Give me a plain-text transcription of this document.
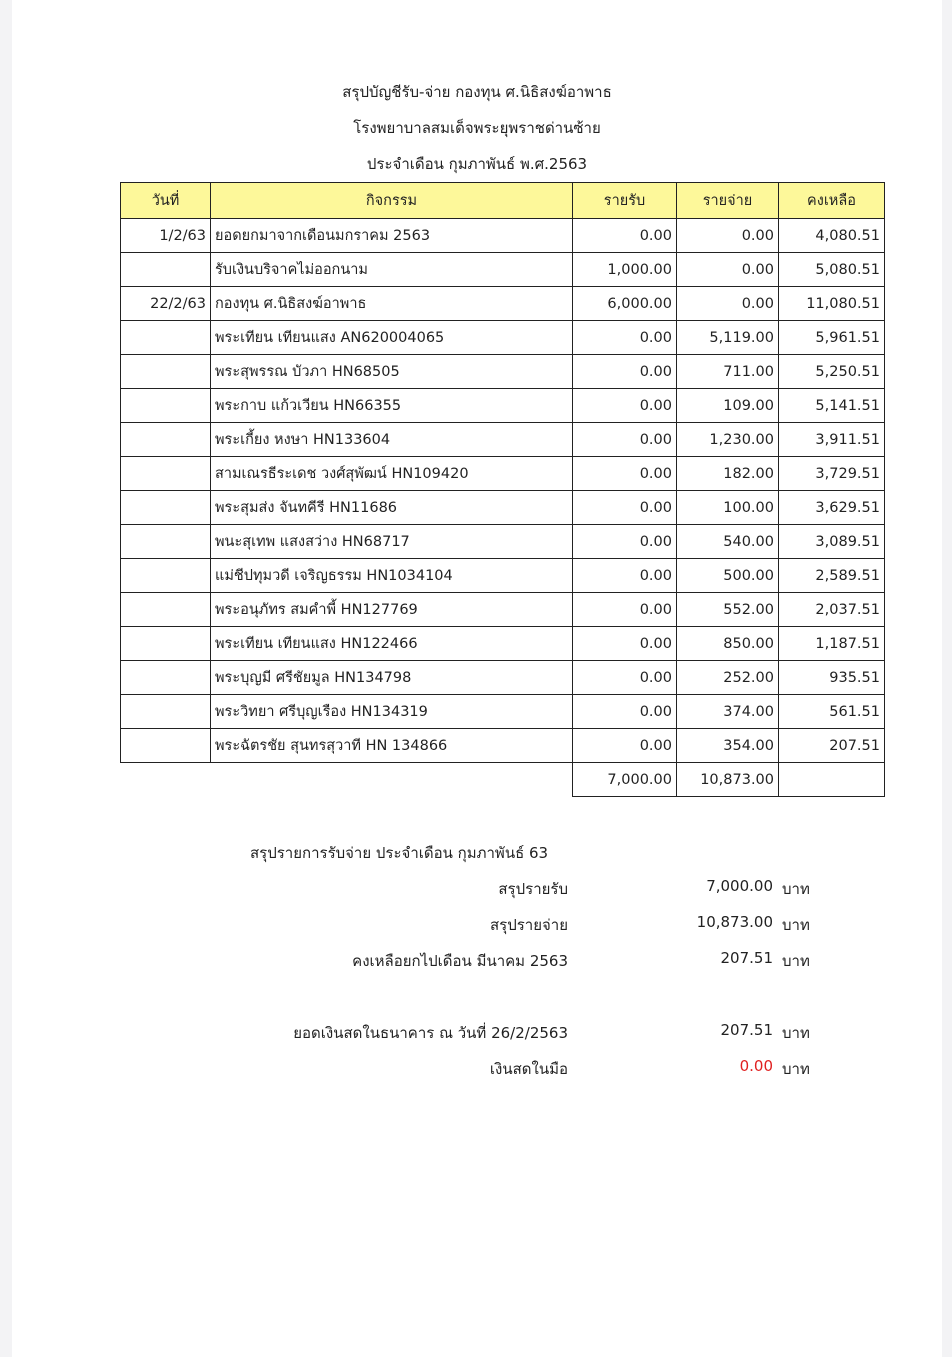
สรุปบัญชีรับ-จ่าย กองทุน ศ.นิธิสงฆ์อาพาธ
โรงพยาบาลสมเด็จพระยุพราชด่านซ้าย
ประจำเดือน กุมภาพันธ์ พ.ศ.2563
วันที่	กิจกรรม	รายรับ	รายจ่าย	คงเหลือ
1/2/63	ยอดยกมาจากเดือนมกราคม 2563	0.00	0.00	4,080.51
	รับเงินบริจาคไม่ออกนาม	1,000.00	0.00	5,080.51
22/2/63	กองทุน ศ.นิธิสงฆ์อาพาธ	6,000.00	0.00	11,080.51
	พระเทียน เทียนแสง AN620004065	0.00	5,119.00	5,961.51
	พระสุพรรณ บัวภา HN68505	0.00	711.00	5,250.51
	พระกาบ แก้วเวียน HN66355	0.00	109.00	5,141.51
	พระเกี้ยง หงษา HN133604	0.00	1,230.00	3,911.51
	สามเณรธีระเดช วงศ์สุพัฒน์ HN109420	0.00	182.00	3,729.51
	พระสุมส่ง จันทคีรี HN11686	0.00	100.00	3,629.51
	พนะสุเทพ แสงสว่าง HN68717	0.00	540.00	3,089.51
	แม่ชีปทุมวดี เจริญธรรม HN1034104	0.00	500.00	2,589.51
	พระอนุภัทร สมคำพี้ HN127769	0.00	552.00	2,037.51
	พระเทียน เทียนแสง HN122466	0.00	850.00	1,187.51
	พระบุญมี ศรีชัยมูล HN134798	0.00	252.00	935.51
	พระวิทยา ศรีบุญเรือง HN134319	0.00	374.00	561.51
	พระฉัตรชัย สุนทรสุวาที HN 134866	0.00	354.00	207.51
		7,000.00	10,873.00	
สรุปรายการรับจ่าย ประจำเดือน กุมภาพันธ์ 63
สรุปรายรับ	7,000.00 บาท
สรุปรายจ่าย	10,873.00 บาท
คงเหลือยกไปเดือน มีนาคม 2563	207.51 บาท
ยอดเงินสดในธนาคาร ณ วันที่ 26/2/2563	207.51 บาท
เงินสดในมือ	0.00 บาท
